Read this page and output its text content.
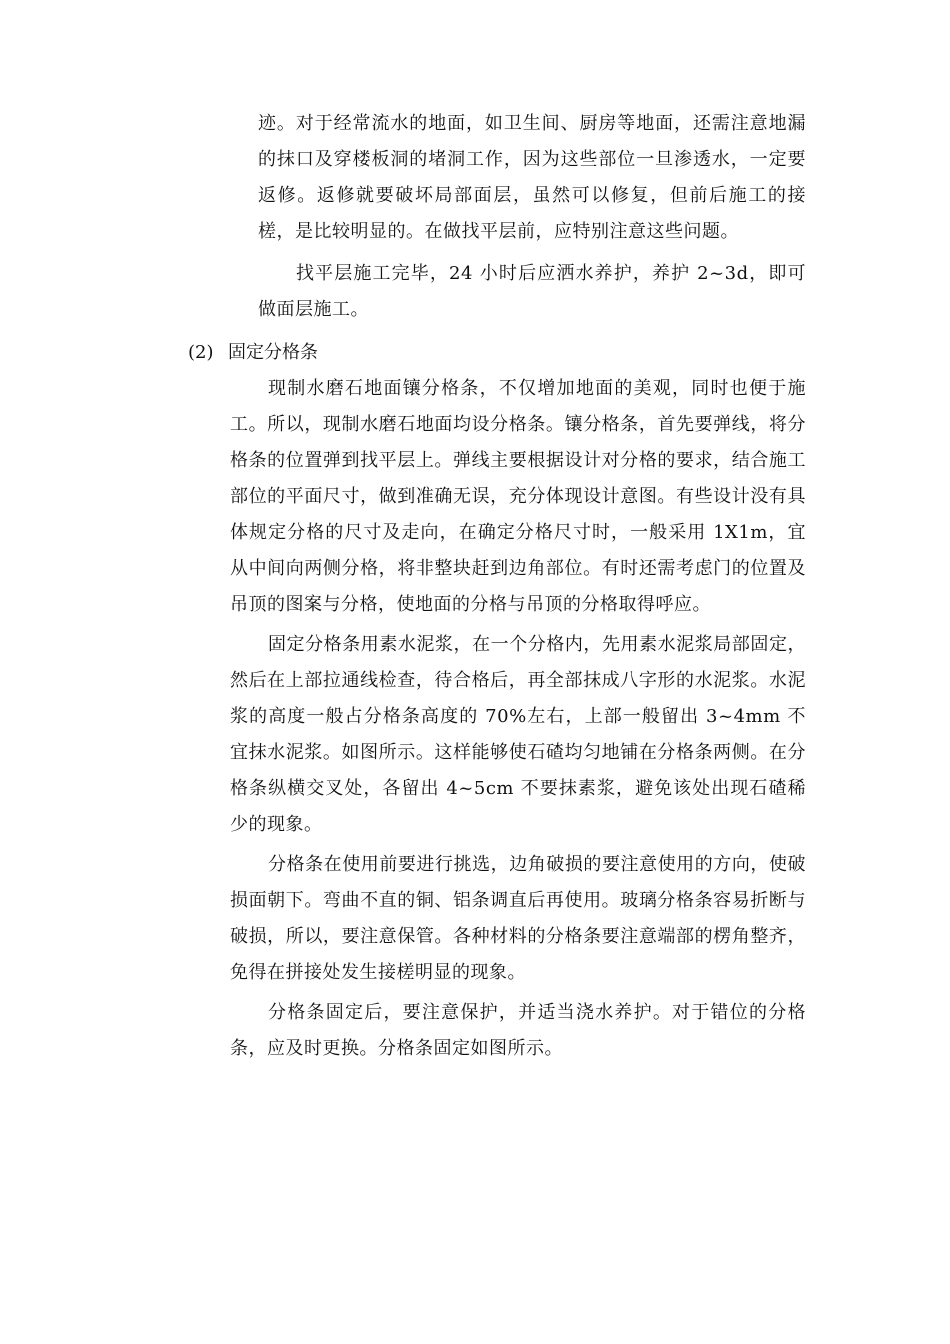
迹。对于经常流水的地面，如卫生间、厨房等地面，还需注意地漏的抹口及穿楼板洞的堵洞工作，因为这些部位一旦渗透水，一定要返修。返修就要破坏局部面层，虽然可以修复，但前后施工的接槎，是比较明显的。在做找平层前，应特别注意这些问题。

找平层施工完毕，24 小时后应洒水养护，养护 2~3d，即可做面层施工。

(2) 固定分格条

现制水磨石地面镶分格条，不仅增加地面的美观，同时也便于施工。所以，现制水磨石地面均设分格条。镶分格条，首先要弹线，将分格条的位置弹到找平层上。弹线主要根据设计对分格的要求，结合施工部位的平面尺寸，做到准确无误，充分体现设计意图。有些设计没有具体规定分格的尺寸及走向，在确定分格尺寸时，一般采用 1X1m，宜从中间向两侧分格，将非整块赶到边角部位。有时还需考虑门的位置及吊顶的图案与分格，使地面的分格与吊顶的分格取得呼应。

固定分格条用素水泥浆，在一个分格内，先用素水泥浆局部固定，然后在上部拉通线检查，待合格后，再全部抹成八字形的水泥浆。水泥浆的高度一般占分格条高度的 70%左右，上部一般留出 3~4mm 不宜抹水泥浆。如图所示。这样能够使石碴均匀地铺在分格条两侧。在分格条纵横交叉处，各留出 4~5cm 不要抹素浆，避免该处出现石碴稀少的现象。

分格条在使用前要进行挑选，边角破损的要注意使用的方向，使破损面朝下。弯曲不直的铜、铝条调直后再使用。玻璃分格条容易折断与破损，所以，要注意保管。各种材料的分格条要注意端部的楞角整齐，免得在拼接处发生接槎明显的现象。

分格条固定后，要注意保护，并适当浇水养护。对于错位的分格条，应及时更换。分格条固定如图所示。
